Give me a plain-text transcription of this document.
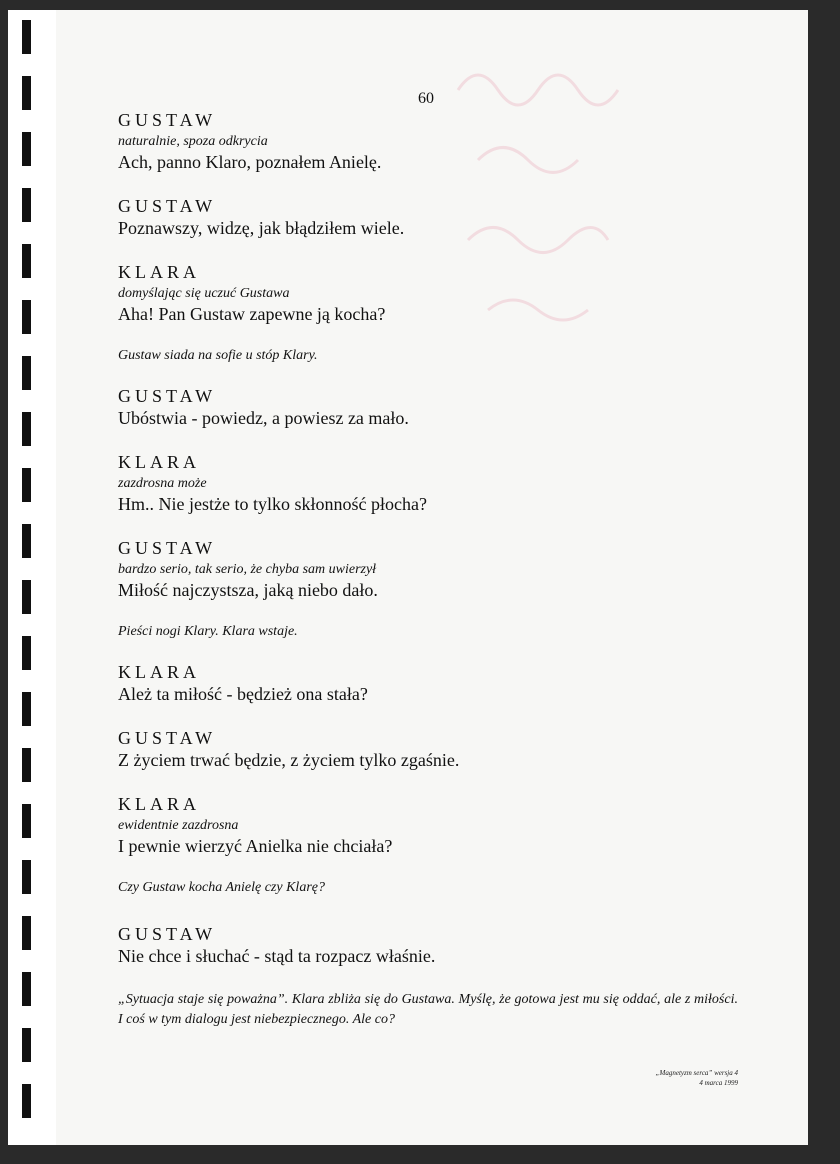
60
GUSTAW
naturalnie, spoza odkrycia
Ach, panno Klaro, poznałem Anielę.
GUSTAW
Poznawszy, widzę, jak błądziłem wiele.
KLARA
domyślając się uczuć Gustawa
Aha! Pan Gustaw zapewne ją kocha?
Gustaw siada na sofie u stóp Klary.
GUSTAW
Ubóstwia - powiedz, a powiesz za mało.
KLARA
zazdrosna może
Hm.. Nie jestże to tylko skłonność płocha?
GUSTAW
bardzo serio, tak serio, że chyba sam uwierzył
Miłość najczystsza, jaką niebo dało.
Pieści nogi Klary. Klara wstaje.
KLARA
Ależ ta miłość - będzież ona stała?
GUSTAW
Z życiem trwać będzie, z życiem tylko zgaśnie.
KLARA
ewidentnie zazdrosna
I pewnie wierzyć Anielka nie chciała?
Czy Gustaw kocha Anielę czy Klarę?
GUSTAW
Nie chce i słuchać - stąd ta rozpacz właśnie.
„Sytuacja staje się poważna”. Klara zbliża się do Gustawa. Myślę, że gotowa jest mu się oddać, ale z miłości. I coś w tym dialogu jest niebezpiecznego. Ale co?
„Magnetyzm serca” wersja 4
4 marca 1999
